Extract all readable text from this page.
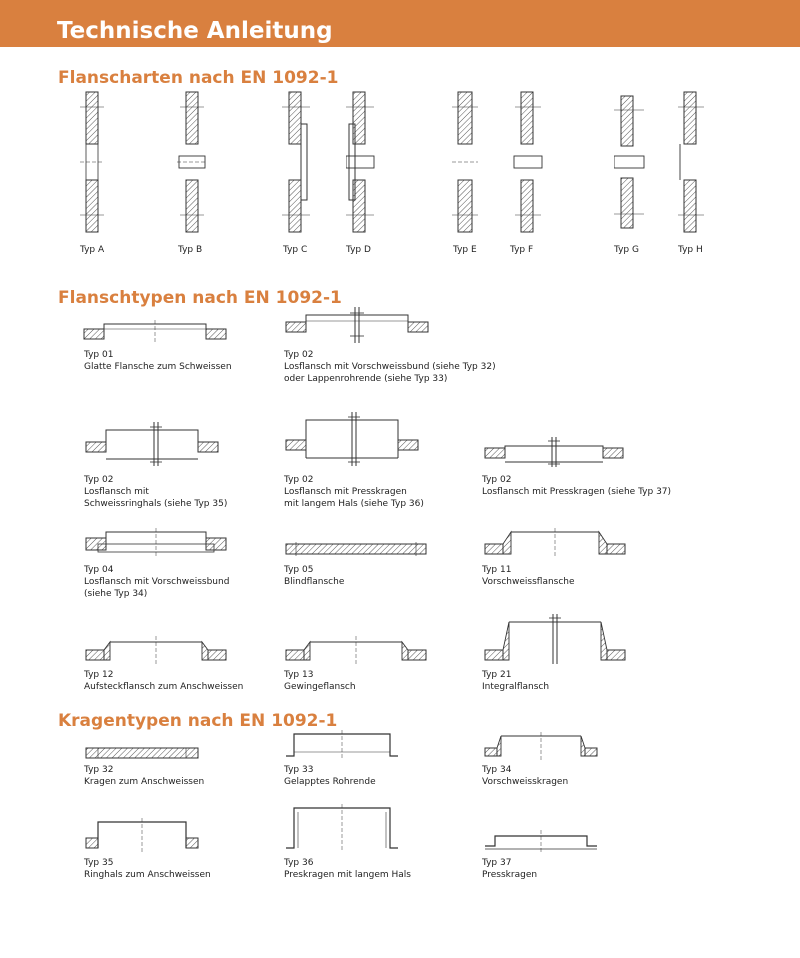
Technische Anleitung
Flanscharten nach EN 1092-1
Typ A	Typ B	Typ C	Typ D	Typ E	Typ F	Typ G	Typ H
Flanschtypen nach EN 1092-1
Typ 01
Glatte Flansche zum Schweissen
Typ 02
Losflansch mit Vorschweissbund (siehe Typ 32)
oder Lappenrohrende (siehe Typ 33)
Typ 02
Losflansch mit
Schweissringhals (siehe Typ 35)
Typ 02
Losflansch mit Presskragen
mit langem Hals (siehe Typ 36)
Typ 02
Losflansch mit Presskragen (siehe Typ 37)
Typ 04
Losflansch mit Vorschweissbund
(siehe Typ 34)
Typ 05
Blindflansche
Typ 11
Vorschweissflansche
Typ 12
Aufsteckflansch zum Anschweissen
Typ 13
Gewingeflansch
Typ 21
Integralflansch
Kragentypen nach EN 1092-1
Typ 32
Kragen zum Anschweissen
Typ 33
Gelapptes Rohrende
Typ 34
Vorschweisskragen
Typ 35
Ringhals zum Anschweissen
Typ 36
Preskragen mit langem Hals
Typ 37
Presskragen
